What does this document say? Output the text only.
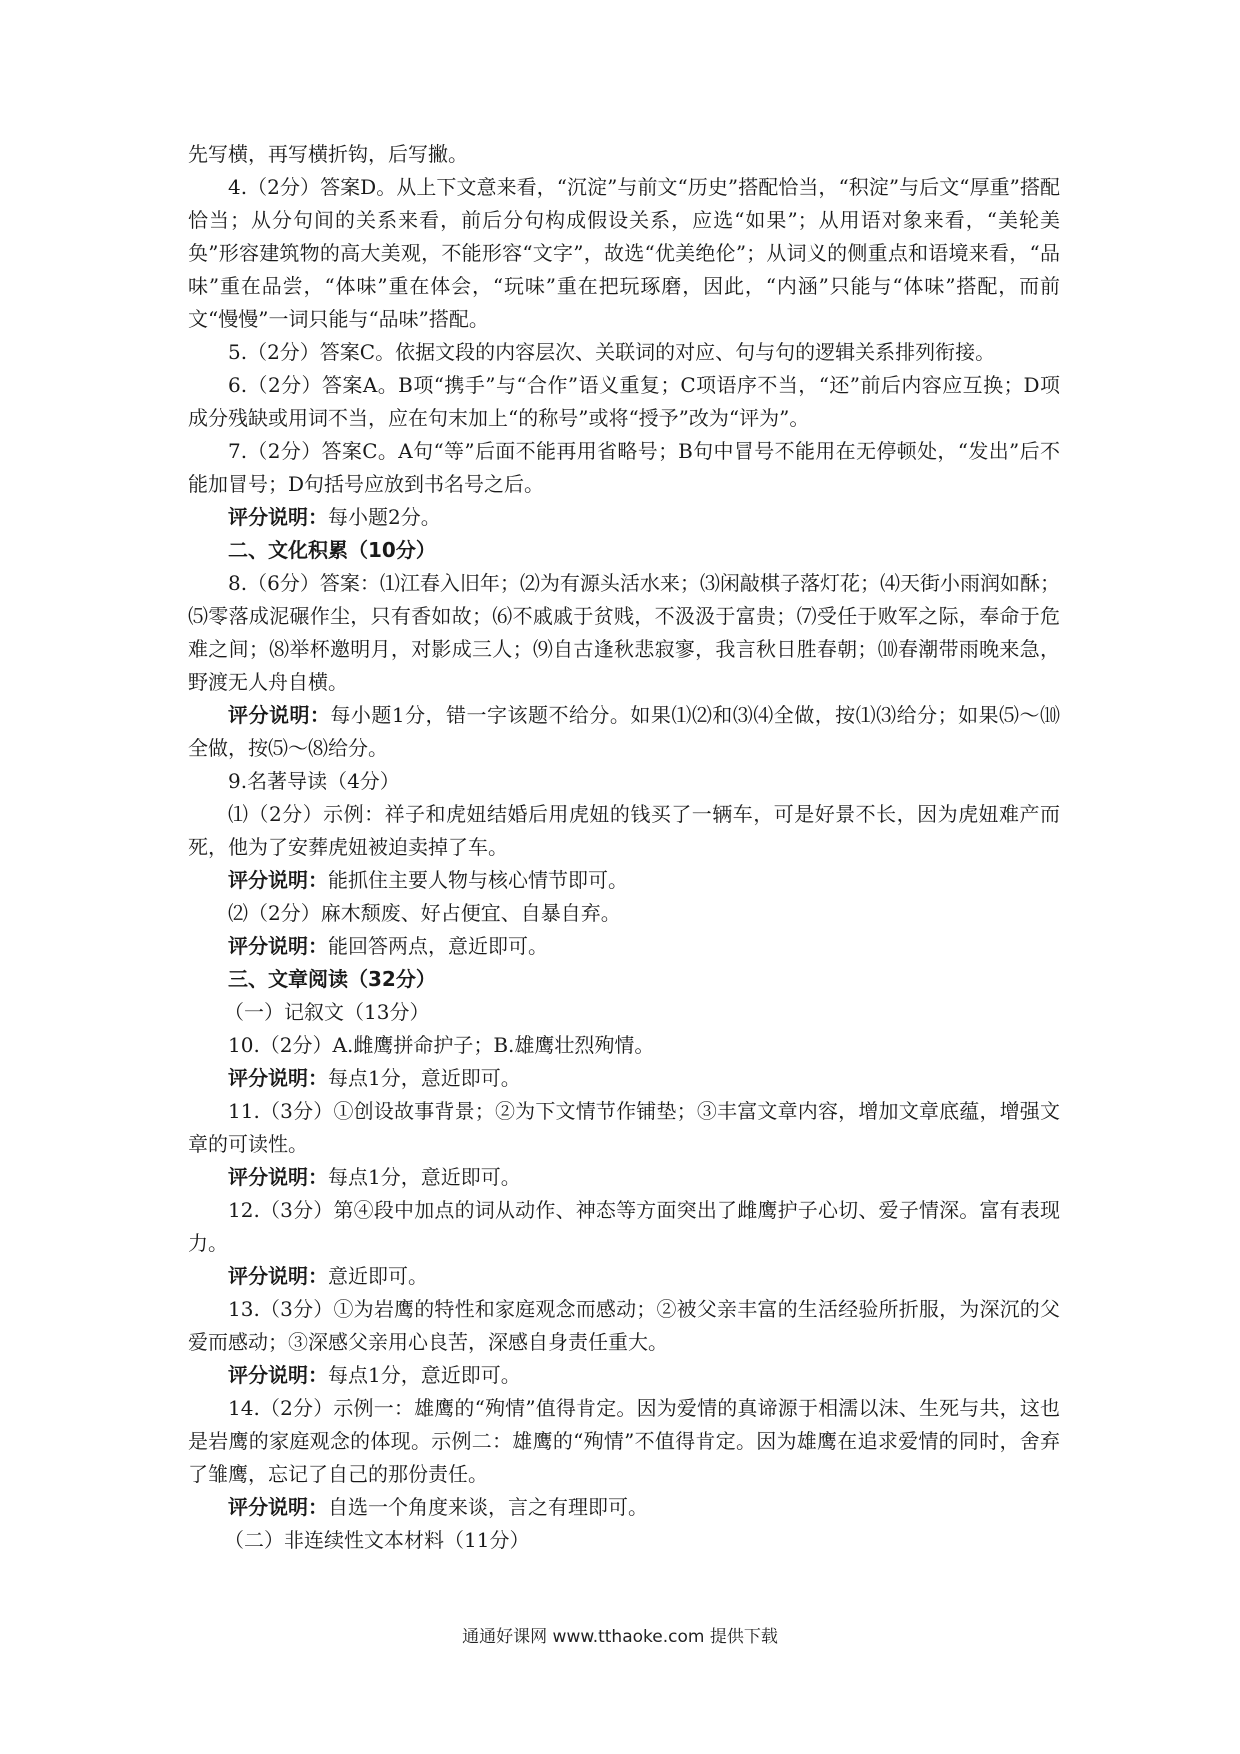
先写横，再写横折钩，后写撇。

4.（2分）答案D。从上下文意来看，“沉淀”与前文“历史”搭配恰当，“积淀”与后文“厚重”搭配恰当；从分句间的关系来看，前后分句构成假设关系，应选“如果”；从用语对象来看，“美轮美奂”形容建筑物的高大美观，不能形容“文字”，故选“优美绝伦”；从词义的侧重点和语境来看，“品味”重在品尝，“体味”重在体会，“玩味”重在把玩琢磨，因此，“内涵”只能与“体味”搭配，而前文“慢慢”一词只能与“品味”搭配。

5.（2分）答案C。依据文段的内容层次、关联词的对应、句与句的逻辑关系排列衔接。

6.（2分）答案A。B项“携手”与“合作”语义重复；C项语序不当，“还”前后内容应互换；D项成分残缺或用词不当，应在句末加上“的称号”或将“授予”改为“评为”。

7.（2分）答案C。A句“等”后面不能再用省略号；B句中冒号不能用在无停顿处，“发出”后不能加冒号；D句括号应放到书名号之后。

评分说明：每小题2分。

二、文化积累（10分）

8.（6分）答案：⑴江春入旧年；⑵为有源头活水来；⑶闲敲棋子落灯花；⑷天街小雨润如酥；⑸零落成泥碾作尘，只有香如故；⑹不戚戚于贫贱，不汲汲于富贵；⑺受任于败军之际，奉命于危难之间；⑻举杯邀明月，对影成三人；⑼自古逢秋悲寂寥，我言秋日胜春朝；⑽春潮带雨晚来急，野渡无人舟自横。

评分说明：每小题1分，错一字该题不给分。如果⑴⑵和⑶⑷全做，按⑴⑶给分；如果⑸～⑽全做，按⑸～⑻给分。

9.名著导读（4分）

⑴（2分）示例：祥子和虎妞结婚后用虎妞的钱买了一辆车，可是好景不长，因为虎妞难产而死，他为了安葬虎妞被迫卖掉了车。

评分说明：能抓住主要人物与核心情节即可。

⑵（2分）麻木颓废、好占便宜、自暴自弃。

评分说明：能回答两点，意近即可。

三、文章阅读（32分）

（一）记叙文（13分）

10.（2分）A.雌鹰拼命护子；B.雄鹰壮烈殉情。

评分说明：每点1分，意近即可。

11.（3分）①创设故事背景；②为下文情节作铺垫；③丰富文章内容，增加文章底蕴，增强文章的可读性。

评分说明：每点1分，意近即可。

12.（3分）第④段中加点的词从动作、神态等方面突出了雌鹰护子心切、爱子情深。富有表现力。

评分说明：意近即可。

13.（3分）①为岩鹰的特性和家庭观念而感动；②被父亲丰富的生活经验所折服，为深沉的父爱而感动；③深感父亲用心良苦，深感自身责任重大。

评分说明：每点1分，意近即可。

14.（2分）示例一：雄鹰的“殉情”值得肯定。因为爱情的真谛源于相濡以沫、生死与共，这也是岩鹰的家庭观念的体现。示例二：雄鹰的“殉情”不值得肯定。因为雄鹰在追求爱情的同时，舍弃了雏鹰，忘记了自己的那份责任。

评分说明：自选一个角度来谈，言之有理即可。

（二）非连续性文本材料（11分）

通通好课网 www.tthaoke.com 提供下载
